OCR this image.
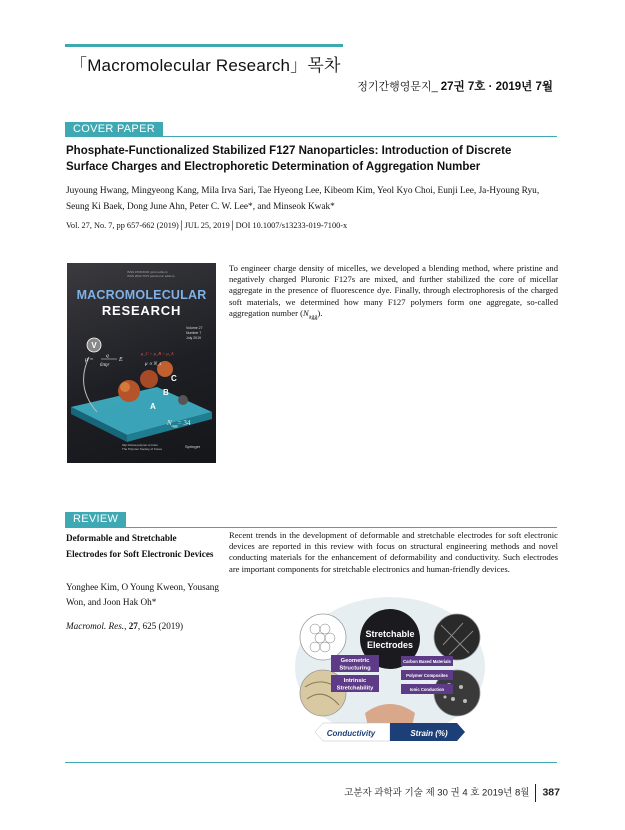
「Macromolecular Research」목차
정기간행영문지_ 27권 7호 · 2019년 7월
COVER PAPER
Phosphate-Functionalized Stabilized F127 Nanoparticles: Introduction of Discrete Surface Charges and Electrophoretic Determination of Aggregation Number
Juyoung Hwang, Mingyeong Kang, Mila Irva Sari, Tae Hyeong Lee, Kibeom Kim, Yeol Kyo Choi, Eunji Lee, Ja-Hyoung Ryu, Seung Ki Baek, Dong June Ahn, Peter C. W. Lee*, and Minseok Kwak*
Vol. 27, No. 7, pp 657-662 (2019)│JUL 25, 2019│DOI 10.1007/s13233-019-7100-x
To engineer charge density of micelles, we developed a blending method, where pristine and negatively charged Pluronic F127s are mixed, and further stabilized the core of micellar aggregate in the presence of fluorescence dye. Finally, through electrophoresis of the charged soft materials, we determined how many F127 polymers form one aggregate, so-called aggregation number $(N_{agg})$.
ISSN 1598-5032 (print edition)
ISSN 2092-7673 (electronic edition)
MACROMOLECULAR
RESEARCH
Volume 27
Number 7
July 2019
V
A
B
C
μ =
q
6πηr
E
μ_C > μ_B > μ_A
μ ∝ N_s
$N_{agg}= 34$
http://www.polymer.or.kr/en
The Polymer Society of Korea	Springer
REVIEW
Deformable and Stretchable Electrodes for Soft Electronic Devices
Yonghee Kim, O Young Kweon, Yousang Won, and Joon Hak Oh*
Macromol. Res., 27, 625 (2019)
Recent trends in the development of deformable and stretchable electrodes for soft electronic devices are reported in this review with focus on structural engineering methods and novel conducting materials for the enhancement of deformability and conductivity. Such electrodes are important components for stretchable electronics and human-friendly devices.
Stretchable
Electrodes
Geometric
Structuring
Intrinsic
Stretchability
Carbon Based Materials
Polymer Composites
Ionic Conduction
Conductivity	Strain (%)
고분자 과학과 기술 제 30 권 4 호 2019년 8월 387
